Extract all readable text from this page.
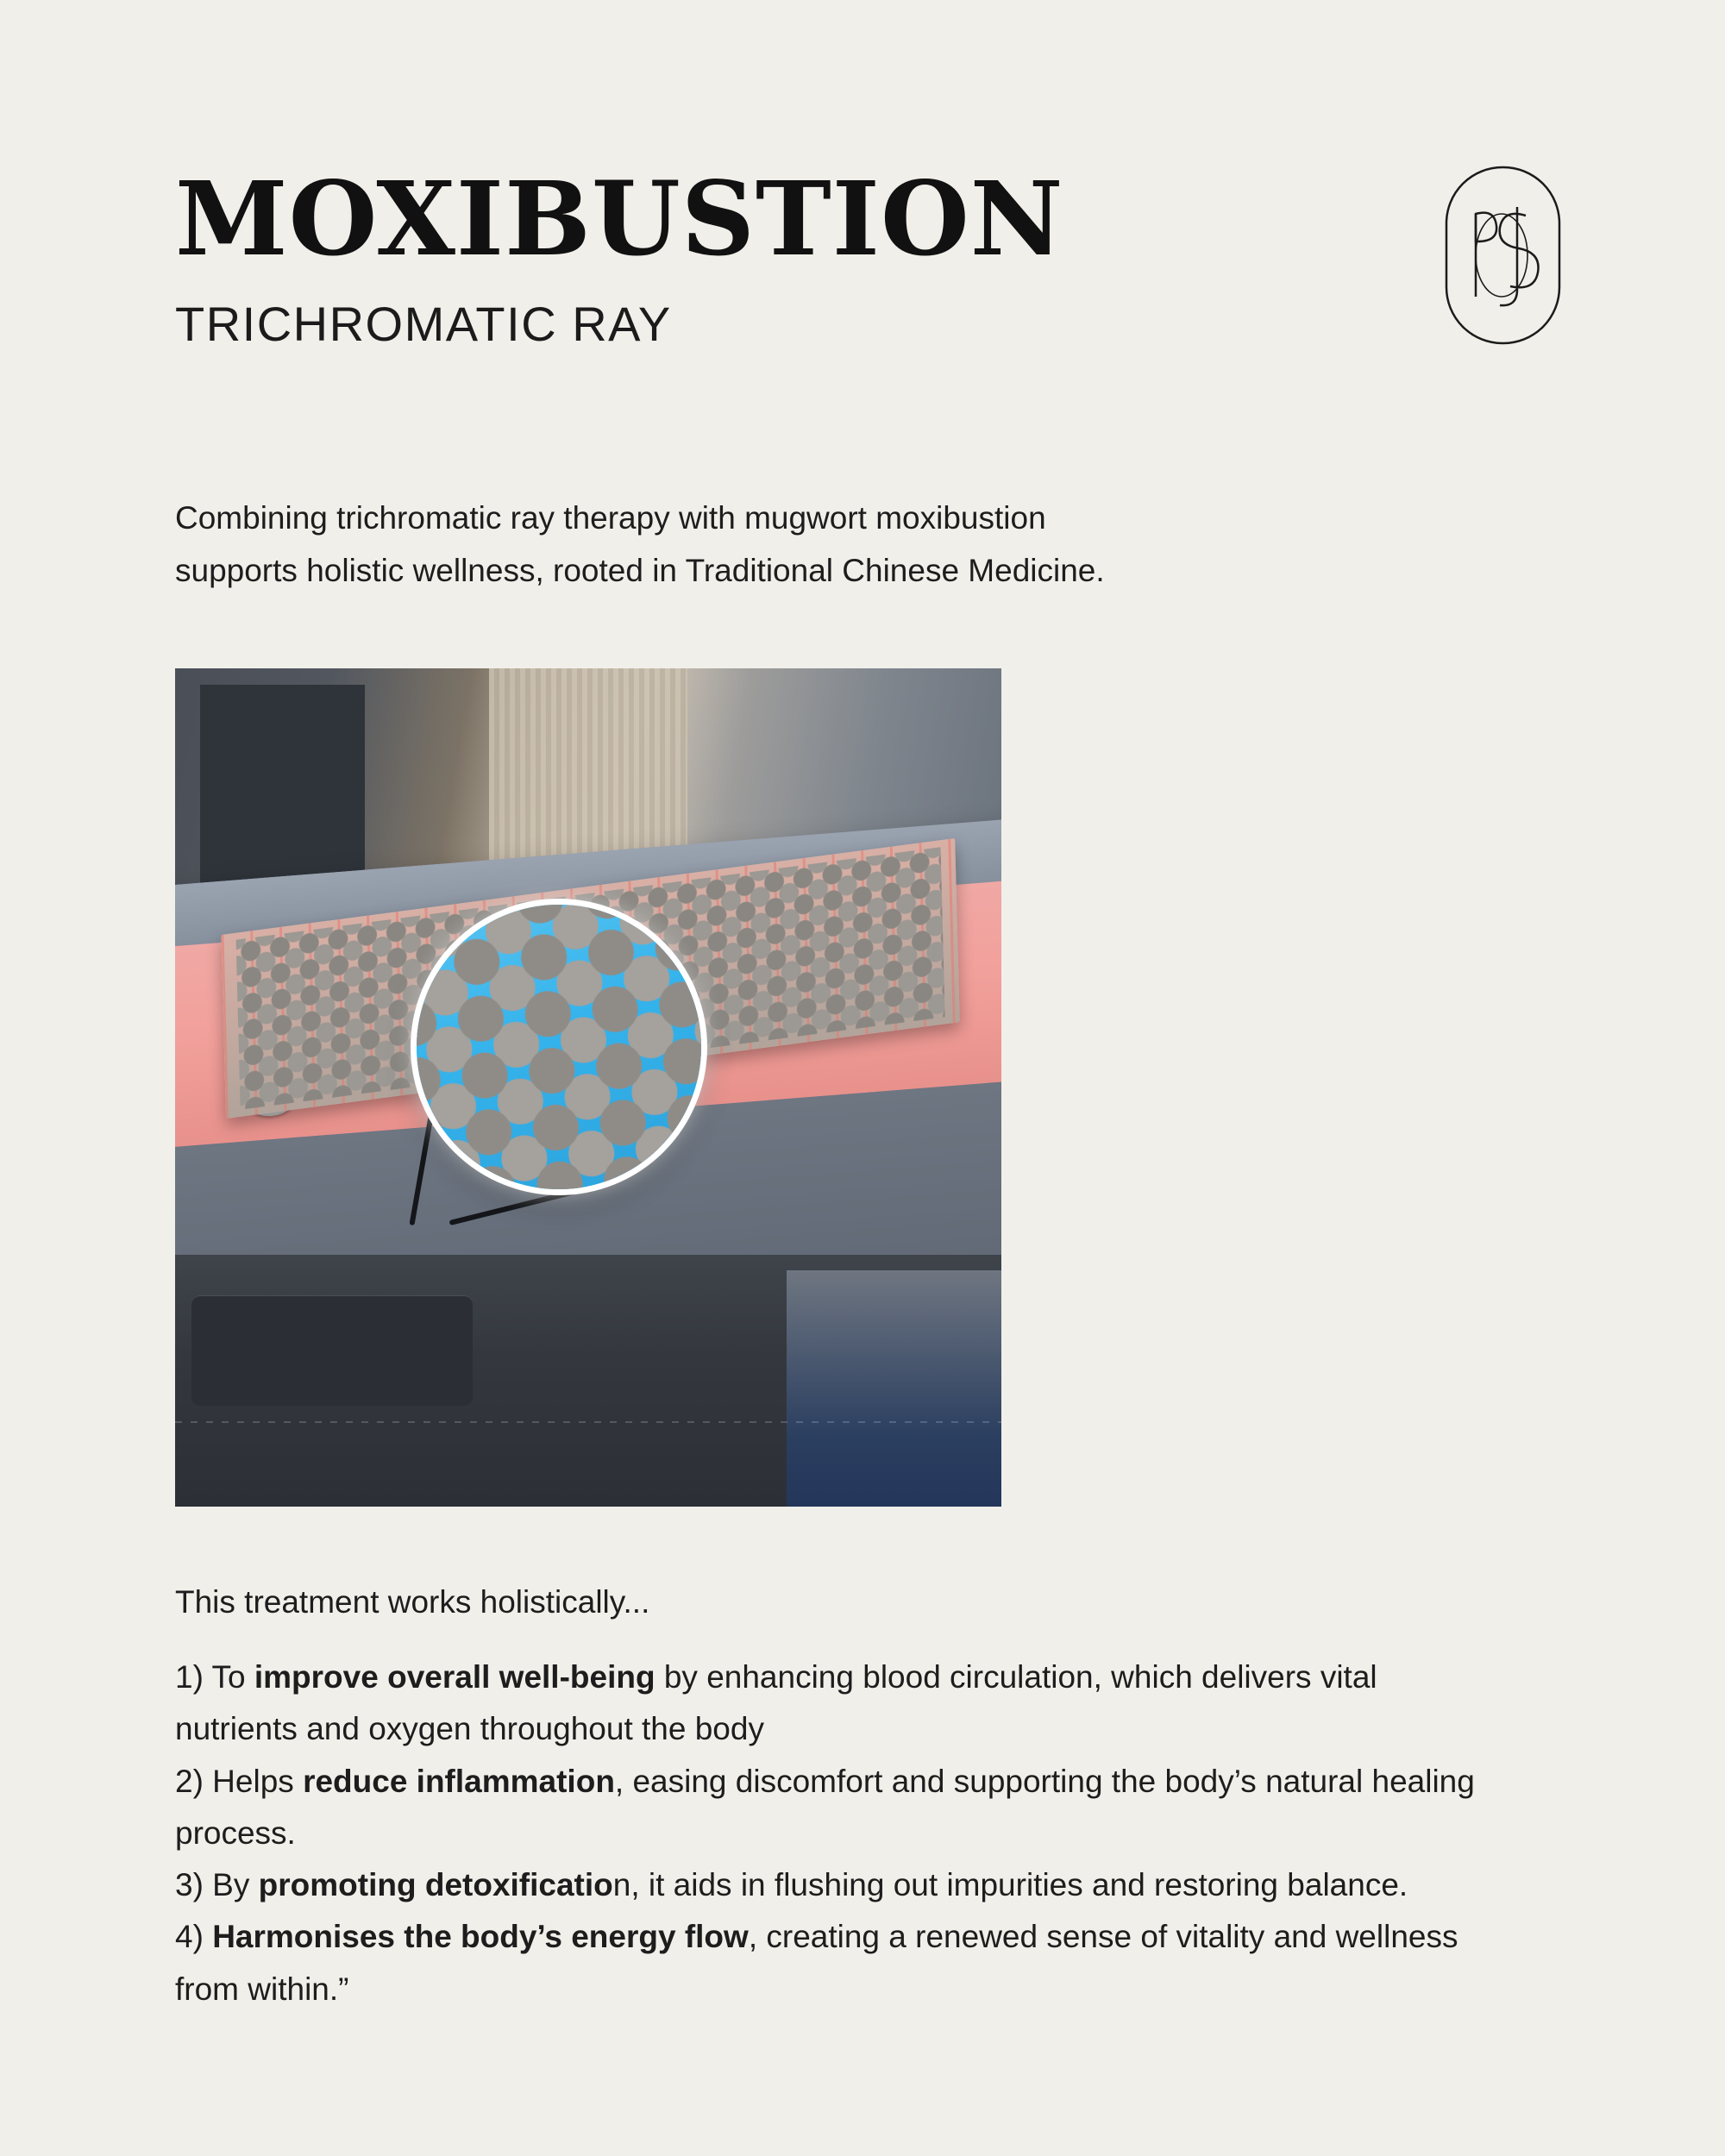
MOXIBUSTION
TRICHROMATIC RAY

Combining trichromatic ray therapy with mugwort moxibustion supports holistic wellness, rooted in Traditional Chinese Medicine.

This treatment works holistically...

1) To improve overall well-being by enhancing blood circulation, which delivers vital nutrients and oxygen throughout the body

2) Helps reduce inflammation, easing discomfort and supporting the body’s natural healing process.

3) By promoting detoxification, it aids in flushing out impurities and restoring balance.

4) Harmonises the body’s energy flow, creating a renewed sense of vitality and wellness from within.”
